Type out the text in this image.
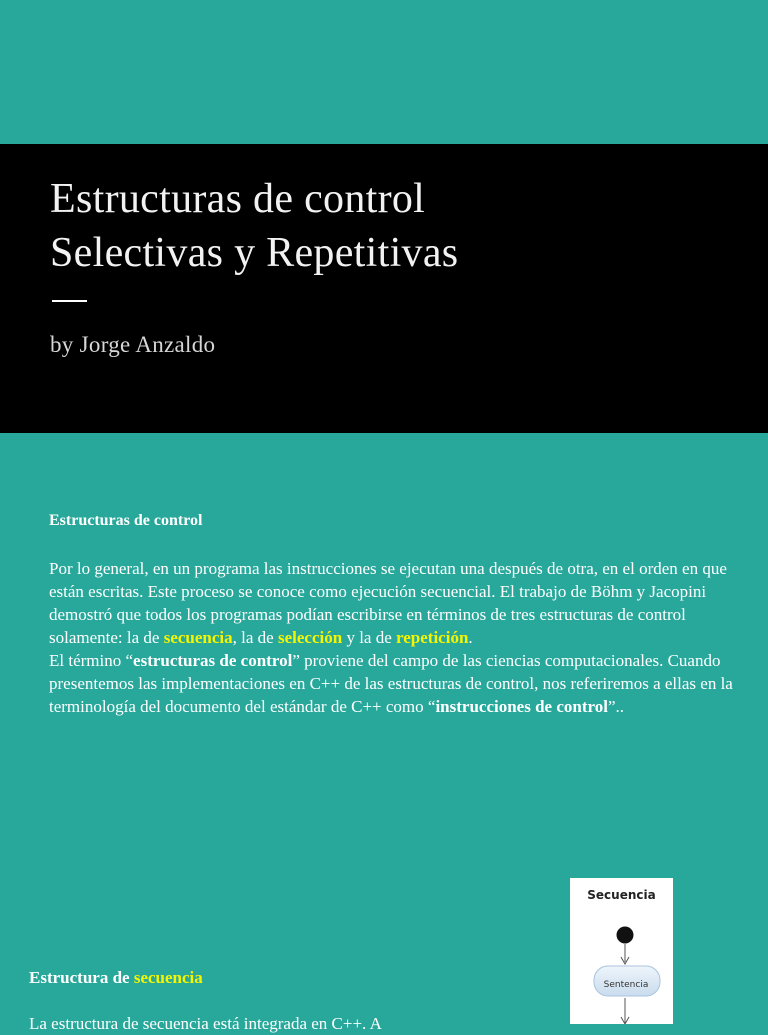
Estructuras de control
Selectivas y Repetitivas
by Jorge Anzaldo
Estructuras de control

Por lo general, en un programa las instrucciones se ejecutan una después de otra, en el orden en que están escritas. Este proceso se conoce como ejecución secuencial. El trabajo de Böhm y Jacopini demostró que todos los programas podían escribirse en términos de tres estructuras de control solamente: la de secuencia, la de selección y la de repetición.
El término “estructuras de control” proviene del campo de las ciencias computacionales. Cuando presentemos las implementaciones en C++ de las estructuras de control, nos referiremos a ellas en la terminología del documento del estándar de C++ como “instrucciones de control”..

Estructura de secuencia
La estructura de secuencia está integrada en C++. A
Secuencia
Sentencia
